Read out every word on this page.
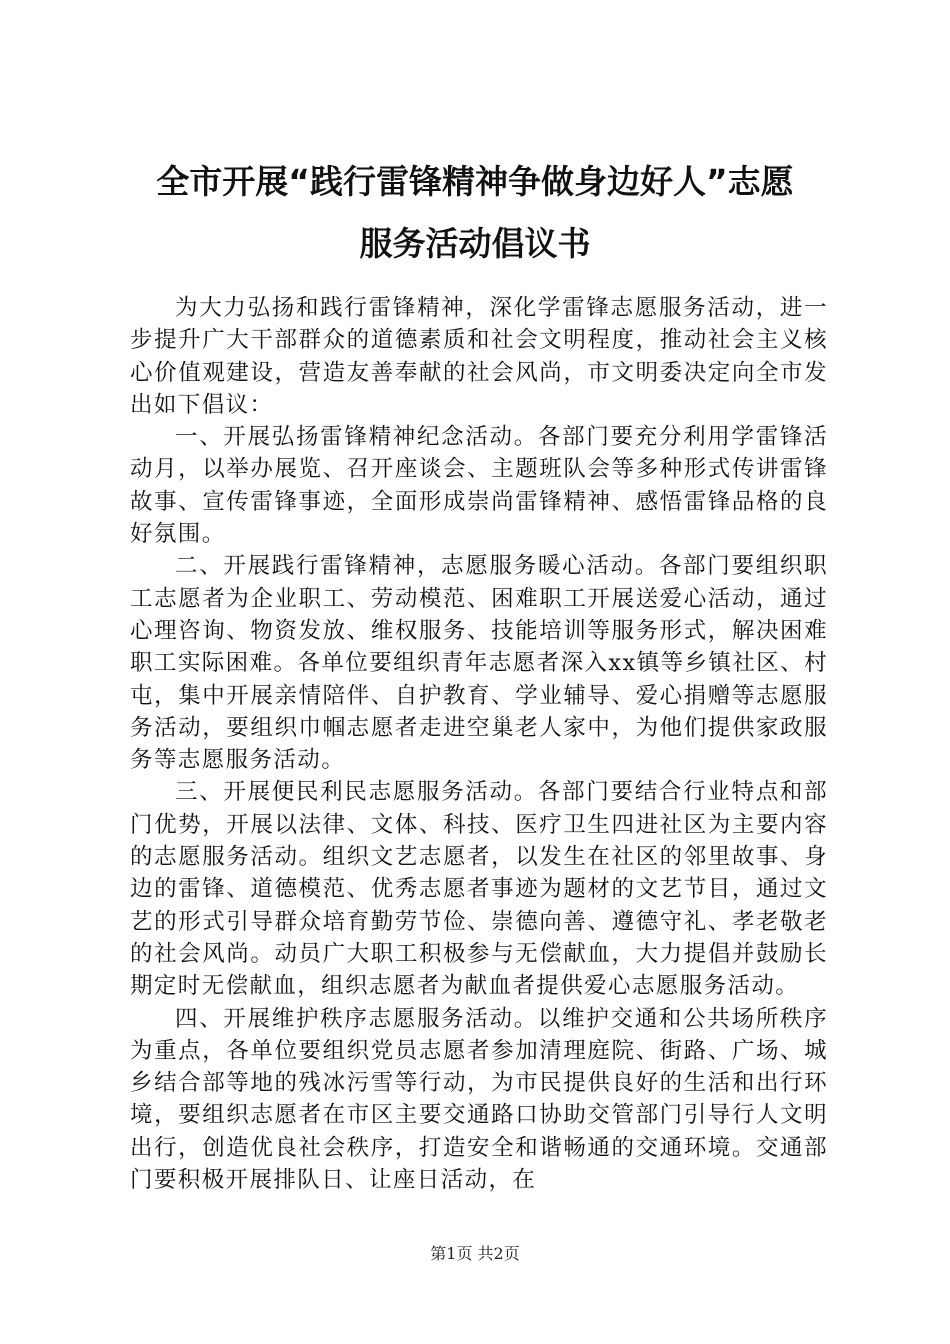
全市开展“践行雷锋精神争做身边好人”志愿
服务活动倡议书

为大力弘扬和践行雷锋精神，深化学雷锋志愿服务活动，进一步提升广大干部群众的道德素质和社会文明程度，推动社会主义核心价值观建设，营造友善奉献的社会风尚，市文明委决定向全市发出如下倡议：

一、开展弘扬雷锋精神纪念活动。各部门要充分利用学雷锋活动月，以举办展览、召开座谈会、主题班队会等多种形式传讲雷锋故事、宣传雷锋事迹，全面形成崇尚雷锋精神、感悟雷锋品格的良好氛围。

二、开展践行雷锋精神，志愿服务暖心活动。各部门要组织职工志愿者为企业职工、劳动模范、困难职工开展送爱心活动，通过心理咨询、物资发放、维权服务、技能培训等服务形式，解决困难职工实际困难。各单位要组织青年志愿者深入xx镇等乡镇社区、村屯，集中开展亲情陪伴、自护教育、学业辅导、爱心捐赠等志愿服务活动，要组织巾帼志愿者走进空巢老人家中，为他们提供家政服务等志愿服务活动。

三、开展便民利民志愿服务活动。各部门要结合行业特点和部门优势，开展以法律、文体、科技、医疗卫生四进社区为主要内容的志愿服务活动。组织文艺志愿者，以发生在社区的邻里故事、身边的雷锋、道德模范、优秀志愿者事迹为题材的文艺节目，通过文艺的形式引导群众培育勤劳节俭、崇德向善、遵德守礼、孝老敬老的社会风尚。动员广大职工积极参与无偿献血，大力提倡并鼓励长期定时无偿献血，组织志愿者为献血者提供爱心志愿服务活动。

四、开展维护秩序志愿服务活动。以维护交通和公共场所秩序为重点，各单位要组织党员志愿者参加清理庭院、街路、广场、城乡结合部等地的残冰污雪等行动，为市民提供良好的生活和出行环境，要组织志愿者在市区主要交通路口协助交管部门引导行人文明出行，创造优良社会秩序，打造安全和谐畅通的交通环境。交通部门要积极开展排队日、让座日活动，在

第1页 共2页
